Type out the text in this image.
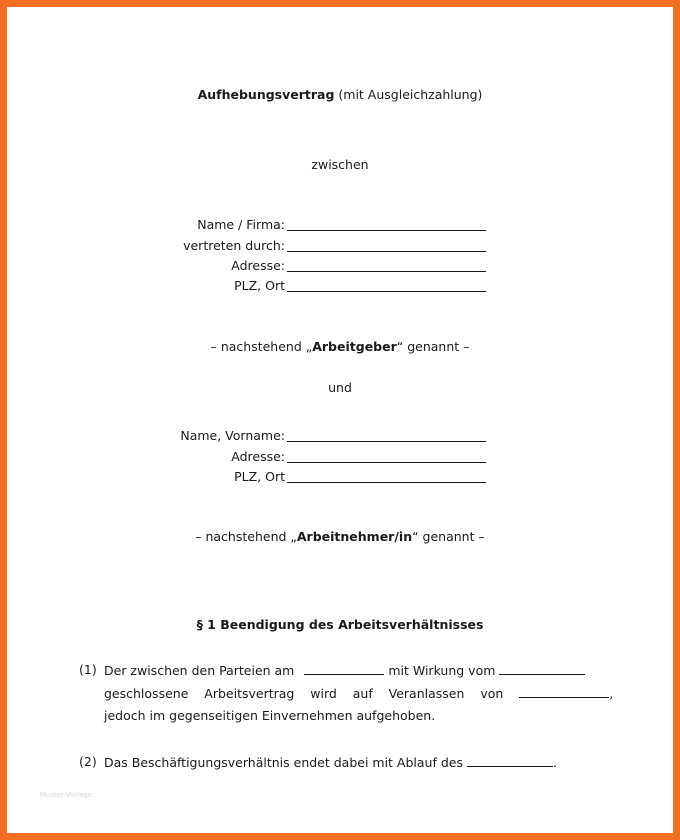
Aufhebungsvertrag (mit Ausgleichzahlung)
zwischen
Name / Firma:
vertreten durch:
Adresse:
PLZ, Ort
– nachstehend „Arbeitgeber“ genannt –
und
Name, Vorname:
Adresse:
PLZ, Ort
– nachstehend „Arbeitnehmer/in“ genannt –
§ 1 Beendigung des Arbeitsverhältnisses
(1) Der zwischen den Parteien am	mit Wirkung vom
geschlossene Arbeitsvertrag wird auf Veranlassen von	,
jedoch im gegenseitigen Einvernehmen aufgehoben.
(2) Das Beschäftigungsverhältnis endet dabei mit Ablauf des	.
Muster-Vorlage
